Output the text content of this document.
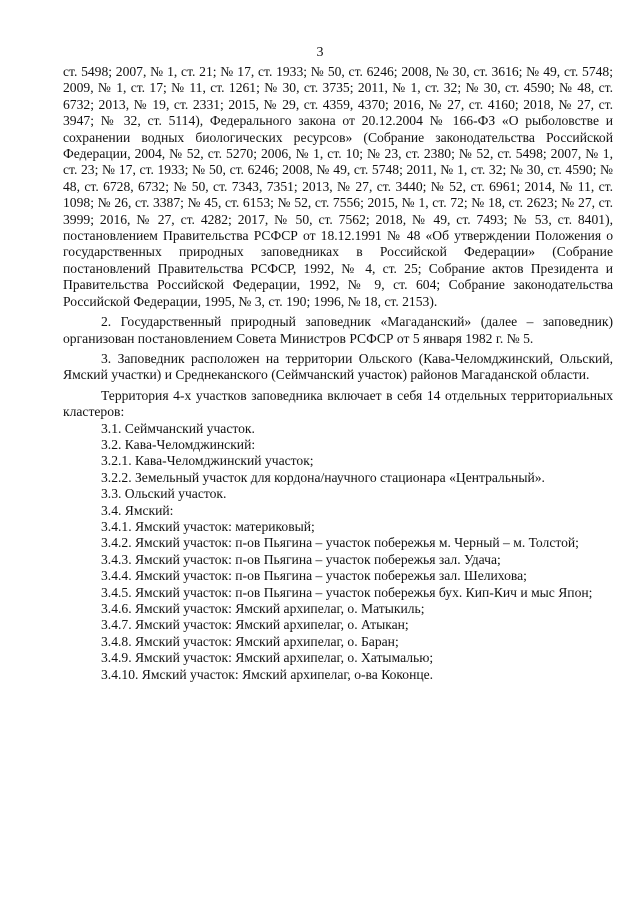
3

ст. 5498; 2007, № 1, ст. 21; № 17, ст. 1933; № 50, ст. 6246; 2008, № 30, ст. 3616; № 49, ст. 5748; 2009, № 1, ст. 17; № 11, ст. 1261; № 30, ст. 3735; 2011, № 1, ст. 32; № 30, ст. 4590; № 48, ст. 6732; 2013, № 19, ст. 2331; 2015, № 29, ст. 4359, 4370; 2016, № 27, ст. 4160; 2018, № 27, ст. 3947; № 32, ст. 5114), Федерального закона от 20.12.2004 № 166-ФЗ «О рыболовстве и сохранении водных биологических ресурсов» (Собрание законодательства Российской Федерации, 2004, № 52, ст. 5270; 2006, № 1, ст. 10; № 23, ст. 2380; № 52, ст. 5498; 2007, № 1, ст. 23; № 17, ст. 1933; № 50, ст. 6246; 2008, № 49, ст. 5748; 2011, № 1, ст. 32; № 30, ст. 4590; № 48, ст. 6728, 6732; № 50, ст. 7343, 7351; 2013, № 27, ст. 3440; № 52, ст. 6961; 2014, № 11, ст. 1098; № 26, ст. 3387; № 45, ст. 6153; № 52, ст. 7556; 2015, № 1, ст. 72; № 18, ст. 2623; № 27, ст. 3999; 2016, № 27, ст. 4282; 2017, № 50, ст. 7562; 2018, № 49, ст. 7493; № 53, ст. 8401), постановлением Правительства РСФСР от 18.12.1991 № 48 «Об утверждении Положения о государственных природных заповедниках в Российской Федерации» (Собрание постановлений Правительства РСФСР, 1992, № 4, ст. 25; Собрание актов Президента и Правительства Российской Федерации, 1992, № 9, ст. 604; Собрание законодательства Российской Федерации, 1995, № 3, ст. 190; 1996, № 18, ст. 2153).

2. Государственный природный заповедник «Магаданский» (далее – заповедник) организован постановлением Совета Министров РСФСР от 5 января 1982 г. № 5.

3. Заповедник расположен на территории Ольского (Кава-Челомджинский, Ольский, Ямский участки) и Среднеканского (Сеймчанский участок) районов Магаданской области.

Территория 4-х участков заповедника включает в себя 14 отдельных территориальных кластеров:

3.1. Сеймчанский участок.

3.2. Кава-Челомджинский:

3.2.1. Кава-Челомджинский участок;

3.2.2. Земельный участок для кордона/научного стационара «Центральный».

3.3. Ольский участок.

3.4. Ямский:

3.4.1. Ямский участок: материковый;

3.4.2. Ямский участок: п-ов Пьягина – участок побережья м. Черный – м. Толстой;

3.4.3. Ямский участок: п-ов Пьягина – участок побережья зал. Удача;

3.4.4. Ямский участок: п-ов Пьягина – участок побережья зал. Шелихова;

3.4.5. Ямский участок: п-ов Пьягина – участок побережья бух. Кип-Кич и мыс Япон;

3.4.6. Ямский участок: Ямский архипелаг, о. Матыкиль;

3.4.7. Ямский участок: Ямский архипелаг, о. Атыкан;

3.4.8. Ямский участок: Ямский архипелаг, о. Баран;

3.4.9. Ямский участок: Ямский архипелаг, о. Хатымалью;

3.4.10. Ямский участок: Ямский архипелаг, о-ва Коконце.
